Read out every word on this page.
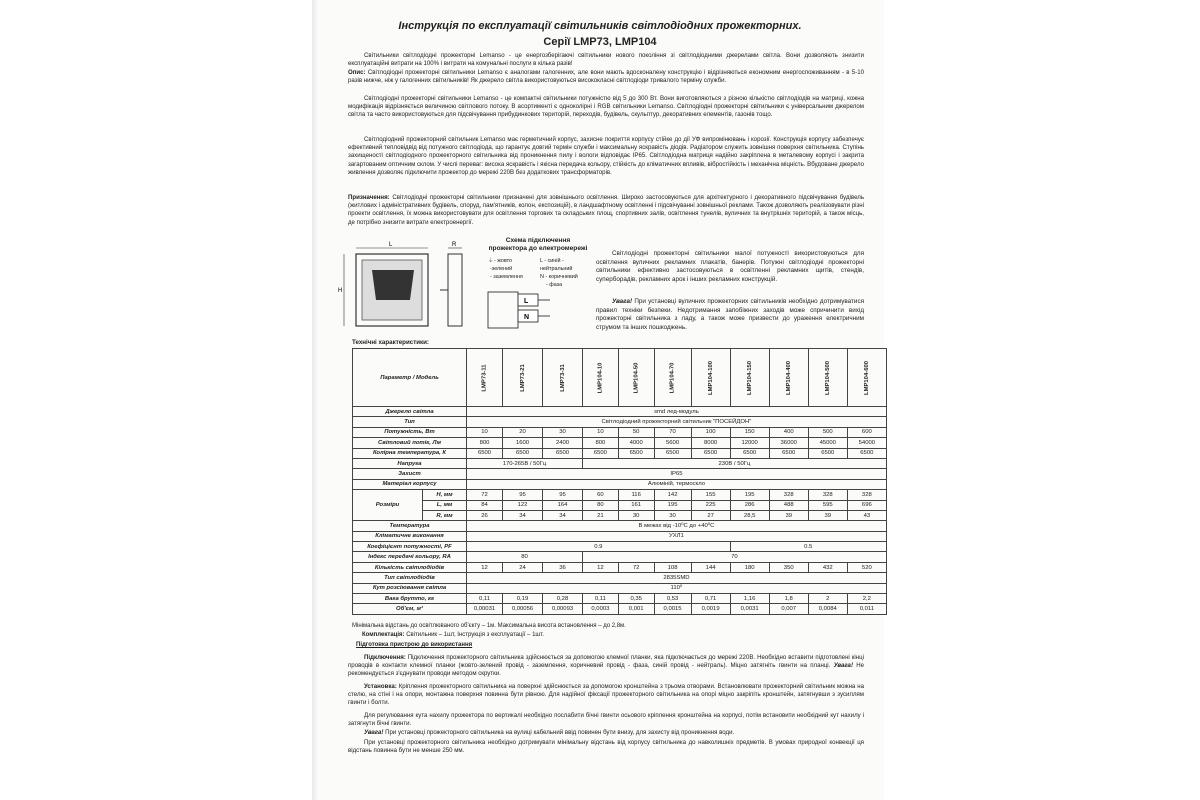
Інструкція по експлуатації світильників світлодіодних прожекторних.
Серії LMP73, LMP104

Світильники світлодіодні прожекторні Lemanso - це енергозберігаючі світильники нового покоління зі світлодіодними джерелами світла. Вони дозволяють знизити експлуатаційні витрати на 100% і витрати на комунальні послуги в кілька разів!

Опис: Світлодіодні прожекторні світильники Lemanso є аналогами галогенних, але вони мають вдосконалену конструкцію і відрізняються економним енергоспоживанням - в 5-10 разів нижче, ніж у галогенних світильників! Як джерело світла використовуються висококласні світлодіоди тривалого терміну служби.

Світлодіодні прожекторні світильники Lemanso - це компактні світильники потужністю від 5 до 300 Вт. Вони виготовляються з різною кількістю світлодіодів на матриці, кожна модифікація відрізняється величиною світлового потоку. В асортименті є одноколірні і RGB світильники Lemanso. Світлодіодні прожекторні світильники є універсальним джерелом світла та часто використовуються для підсвічування прибудинкових територій, переходів, будівель, скульптур, декоративних елементів, газонів тощо.

Світлодіодний прожекторний світильник Lemanso має герметичний корпус, захисне покриття корпусу стійке до дії УФ випромінювань і корозії. Конструкція корпусу забезпечує ефективний тепловідвід від потужного світлодіода, що гарантує довгий термін служби і максимальну яскравість діодів. Радіатором служить зовнішня поверхня світильника. Ступінь захищеності світлодіодного прожекторного світильника від проникнення пилу і вологи відповідає IP65. Світлодіодна матриця надійно закріплена в металевому корпусі і закрита загартованим оптичним склом. У числі переваг: висока яскравість і якісна передача кольору, стійкість до кліматичних впливів, вібростійкість і механічна міцність. Вбудоване джерело живлення дозволяє підключити прожектор до мережі 220В без додаткових трансформаторів.

Призначення: Світлодіодні прожекторні світильники призначені для зовнішнього освітлення. Широко застосовуються для архітектурного і декоративного підсвічування будівель (житлових і адміністративних будівель, споруд, пам'ятників, колон, експозицій), в ландшафтному освітленні і підсвічуванні зовнішньої реклами. Також дозволяють реалізовувати різні проекти освітлення, їх можна використовувати для освітлення торгових та складських площ, спортивних залів, освітлення тунелів, вуличних та внутрішніх територій, а також місць, де потрібно знизити витрати електроенергії.

L
H
R
Схема підключення
прожектора до електромережі
⏚ - жовто
-зелений
- заземлення
L - синій -
нейтральний
N - коричневий
- фаза
L
N

Світлодіодні прожекторні світильники малої потужності використовуються для освітлення вуличних рекламних плакатів, банерів. Потужні світлодіодні прожекторні світильники ефективно застосовуються в освітленні рекламних щитів, стендів, суперборадів, рекламних арок і інших рекламних конструкцій.

Увага! При установці вуличних прожекторних світильників необхідно дотримуватися правил техніки безпеки. Недотримання запобіжних заходів може спричинити вихід прожекторні світильника з ладу, а також може призвести до ураження електричним струмом та інших пошкоджень.

Технічні характеристики:
Параметр / Модель		LMP73-11	LMP73-21	LMP73-31	LMP104-10	LMP104-50	LMP104-70	LMP104-100	LMP104-150	LMP104-400	LMP104-500	LMP104-600
Джерело світла		smd лед-модуль										
Тип		Світлодіодний прожекторний світильник "ПОСЕЙДОН"										
Потужність, Вт		10	20	30	10	50	70	100	150	400	500	600
Світловий потік, Лм		800	1600	2400	800	4000	5600	8000	12000	36000	45000	54000
Колірна температура, К		6500	6500	6500	6500	6500	6500	6500	6500	6500	6500	6500
Напруга		170-265В / 50Гц			230В / 50Гц							
Захист		IP65										
Матеріал корпусу		Алюміній, термоскло										
Розміри	H, мм	72	95	95	60	116	142	155	195	328	328	328
	L, мм	84	122	164	80	161	195	225	286	488	595	696
	R, мм	26	34	34	21	30	30	27	28,5	39	39	43
Температура		В межах від -10⁰С до +40⁰С										
Кліматичне виконання		УХЛ1										
Коефіцієнт потужності, PF		0.9							0.5			
Індекс передачі кольору, RA		80			70							
Кількість світлодіодів		12	24	36	12	72	108	144	180	350	432	520
Тип світлодіодів		2835SMD										
Кут розсіювання світла		110⁰										
Вага брутто, кг		0,11	0,19	0,28	0,11	0,35	0,53	0,71	1,16	1,8	2	2,2
Об'єм, м³		0,00031	0,00056	0,00093	0,0003	0,001	0,0015	0,0019	0,0031	0,007	0,0084	0,011
Мінімальна відстань до освітлюваного об'єкту – 1м. Максимальна висота встановлення – до 2,8м.
Комплектація: Світильник – 1шт, Інструкція з експлуатації – 1шт.
Підготовка пристрою до використання

Підключення: Підключення прожекторного світильника здійснюється за допомогою клемної планки, яка підключається до мережі 220В. Необхідно вставити підготовлені кінці проводів в контакти клемної планки (жовто-зелений провід - заземлення, коричневий провід - фаза, синій провід - нейтраль). Міцно затягніть гвинти на планці. Увага! Не рекомендується з'єднувати проводи методом скрутки.

Установка: Кріплення прожекторного світильника на поверхні здійснюється за допомогою кронштейна з трьома отворами. Встановлювати прожекторний світильник можна на стелю, на стіні і на опори, монтажна поверхня повинна бути рівною. Для надійної фіксації прожекторного світильника на опорі міцно закріпіть кронштейн, затягнувши з зусиллям гвинти і болти.

Для регулювання кута нахилу прожектора по вертикалі необхідно послабити бічні гвинти осьового кріплення кронштейна на корпусі, потім встановити необхідний кут нахилу і затягнути бічні гвинти.

Увага! При установці прожекторного світильника на вулиці кабельний ввід повинен бути внизу, для захисту від проникнення води.

При установці прожекторного світильника необхідно дотримувати мінімальну відстань від корпусу світильника до навколишніх предметів. В умовах природної конвекції ця відстань повинна бути не менше 250 мм.
